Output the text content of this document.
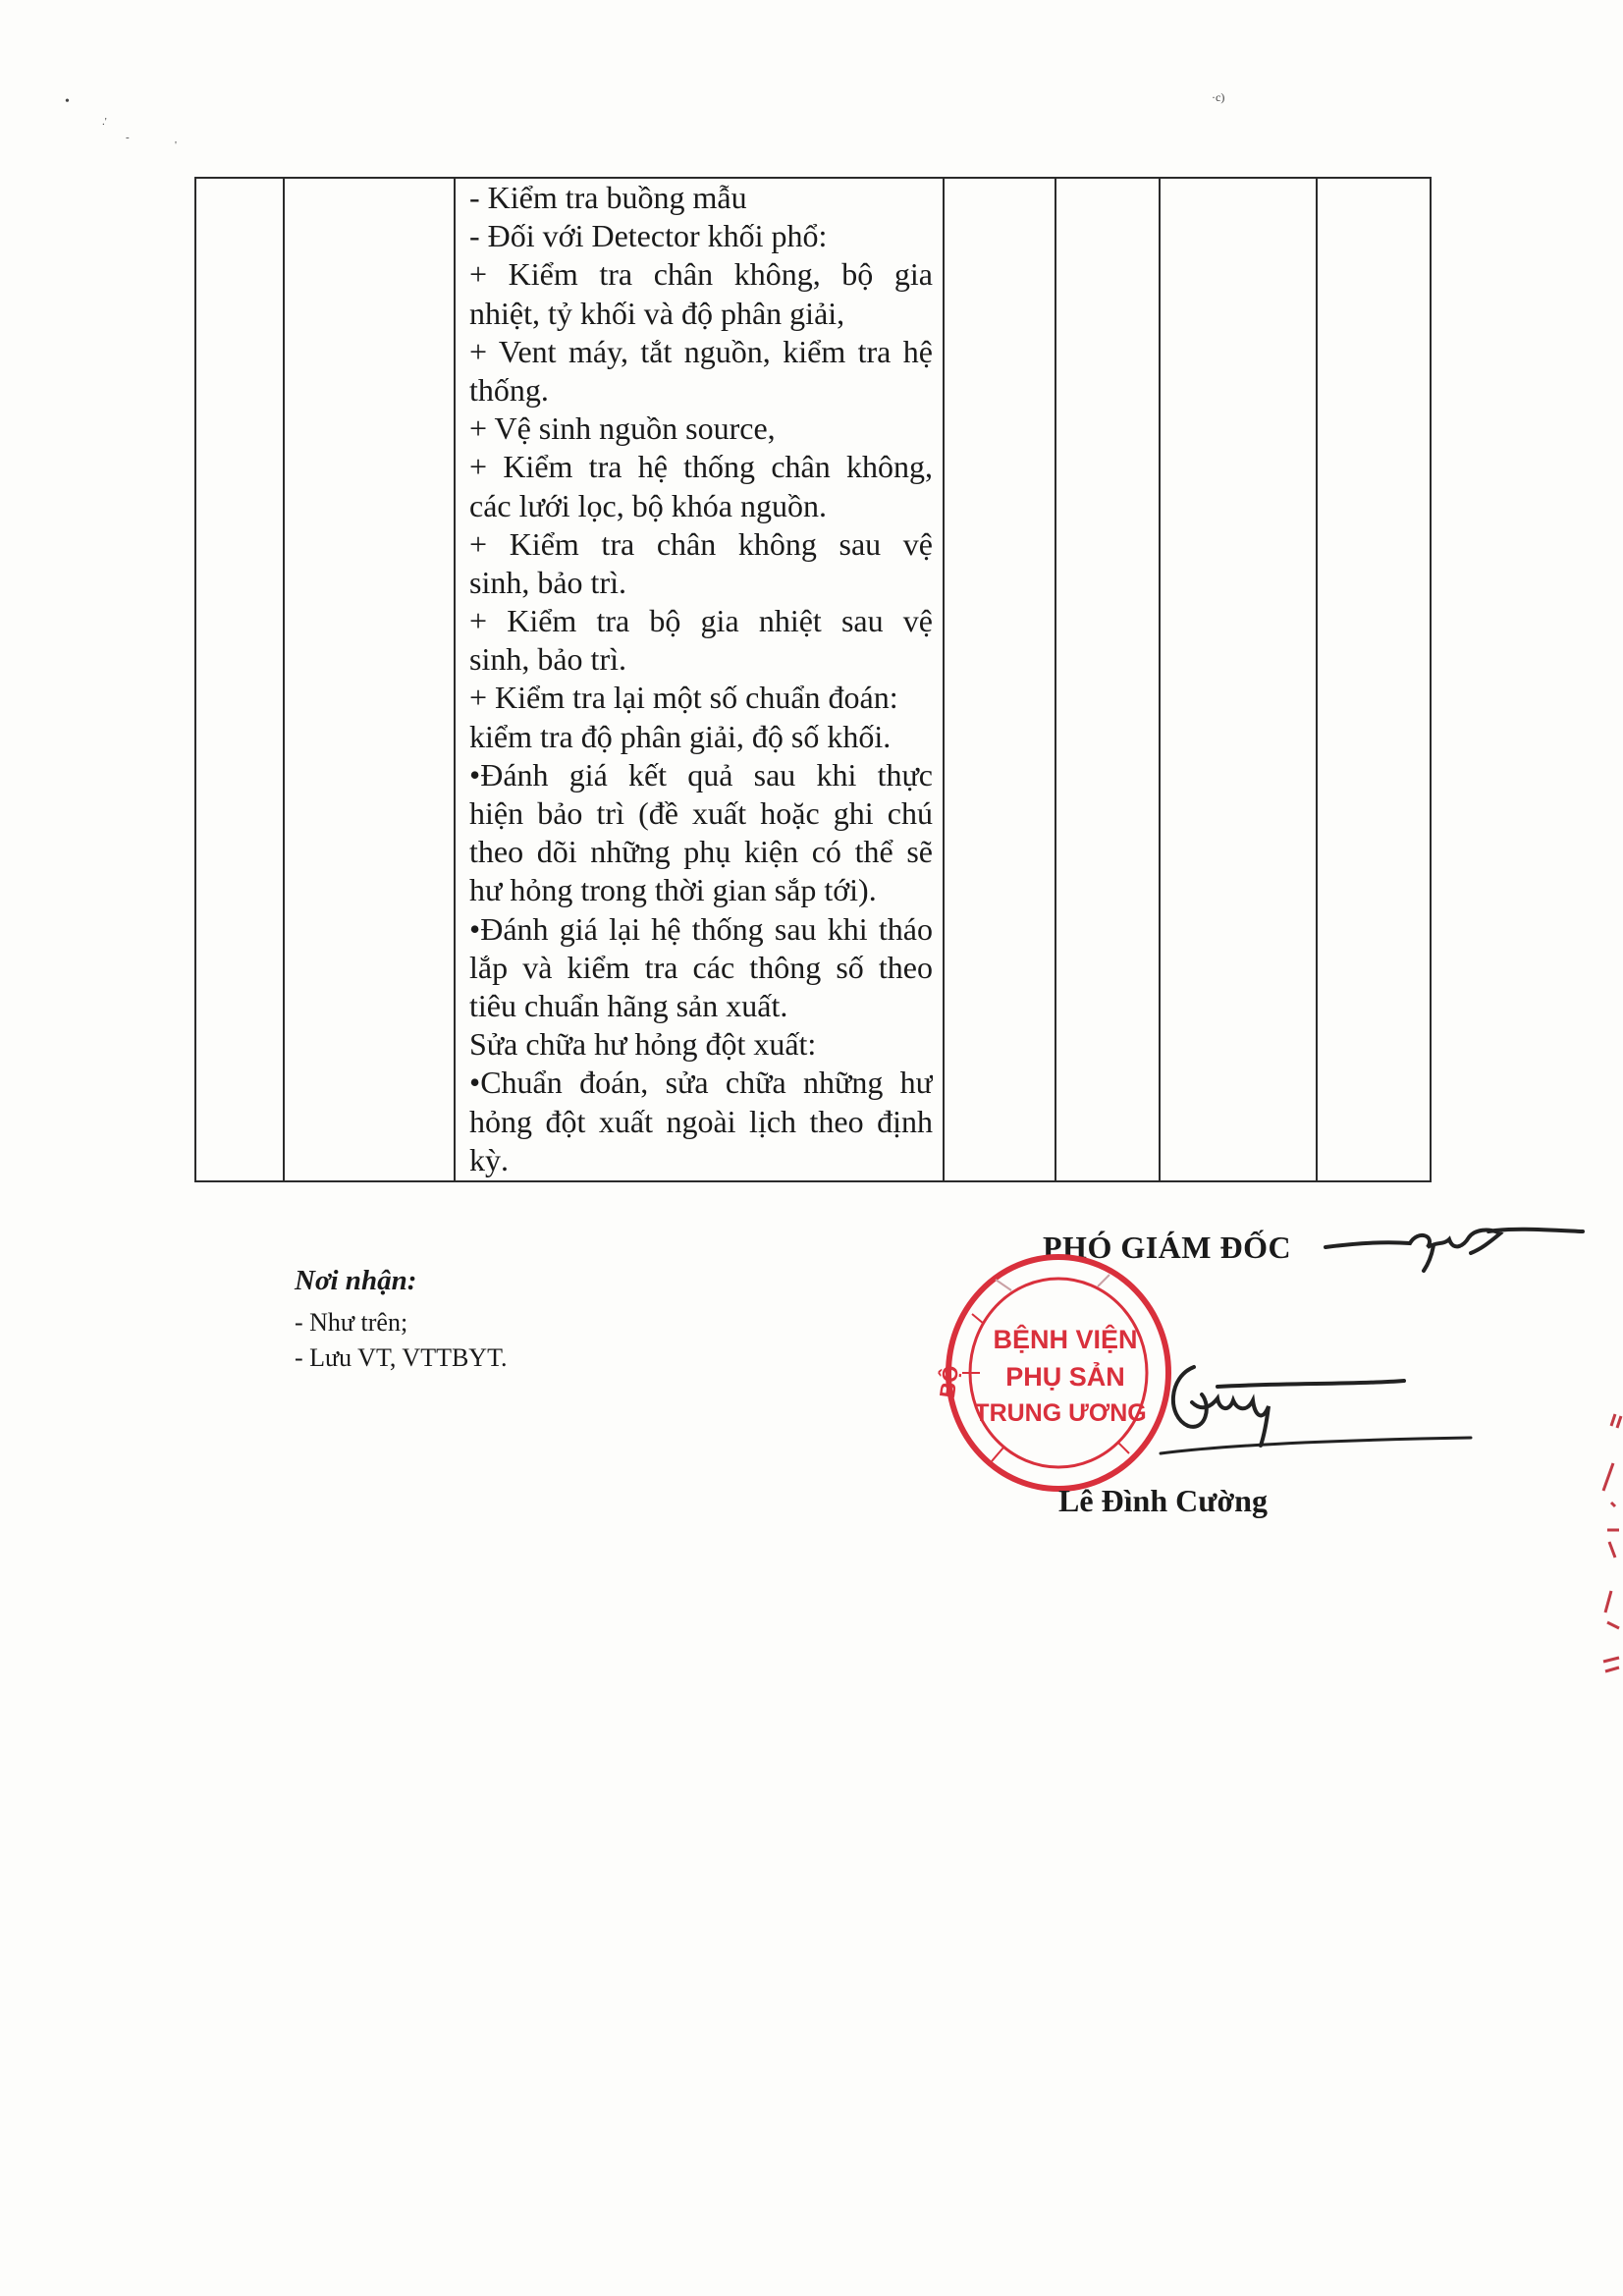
•
.'
‐
'
·c)

- Kiểm tra buồng mẫu
- Đối với Detector khối phổ:
+ Kiểm tra chân không, bộ gia
nhiệt, tỷ khối và độ phân giải,
+ Vent máy, tắt nguồn, kiểm tra hệ
thống.
+ Vệ sinh nguồn source,
+ Kiểm tra hệ thống chân không,
các lưới lọc, bộ khóa nguồn.
+ Kiểm tra chân không sau vệ
sinh, bảo trì.
+ Kiểm tra bộ gia nhiệt sau vệ
sinh, bảo trì.
+ Kiểm tra lại một số chuẩn đoán:
kiểm tra độ phân giải, độ số khối.
•Đánh giá kết quả sau khi thực
hiện bảo trì (đề xuất hoặc ghi chú
theo dõi những phụ kiện có thể sẽ
hư hỏng trong thời gian sắp tới).
•Đánh giá lại hệ thống sau khi tháo
lắp và kiểm tra các thông số theo
tiêu chuẩn hãng sản xuất.
Sửa chữa hư hỏng đột xuất:
•Chuẩn đoán, sửa chữa những hư
hỏng đột xuất ngoài lịch theo định
kỳ.

Nơi nhận:
- Như trên;
- Lưu VT, VTTBYT.
PHÓ GIÁM ĐỐC
BỆNH VIỆN
PHỤ SẢN
TRUNG ƯƠNG
BỘ
Lê Đình Cường
